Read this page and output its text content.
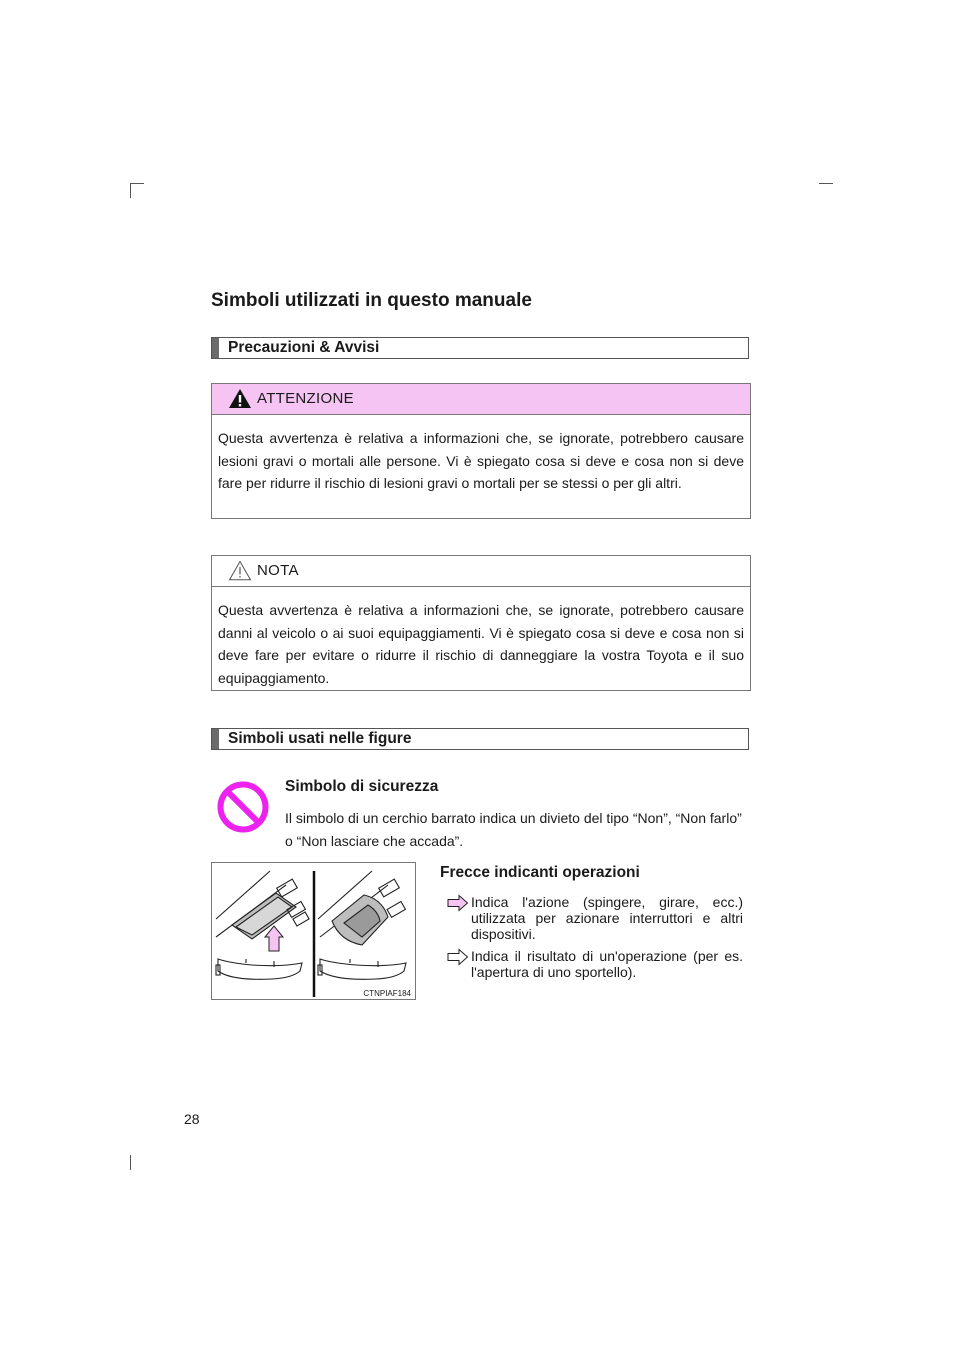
Simboli utilizzati in questo manuale
Precauzioni & Avvisi
ATTENZIONE
Questa avvertenza è relativa a informazioni che, se ignorate, potrebbero causare lesioni gravi o mortali alle persone. Vi è spiegato cosa si deve e cosa non si deve fare per ridurre il rischio di lesioni gravi o mortali per se stessi o per gli altri.
NOTA
Questa avvertenza è relativa a informazioni che, se ignorate, potrebbero causare danni al veicolo o ai suoi equipaggiamenti. Vi è spiegato cosa si deve e cosa non si deve fare per evitare o ridurre il rischio di danneggiare la vostra Toyota e il suo equipaggiamento.
Simboli usati nelle figure
Simbolo di sicurezza
Il simbolo di un cerchio barrato indica un divieto del tipo “Non”, “Non farlo” o “Non lasciare che accada”.
CTNPIAF184
Frecce indicanti operazioni
Indica l'azione (spingere, girare, ecc.) utilizzata per azionare interruttori e altri dispositivi.
Indica il risultato di un'operazione (per es. l'apertura di uno sportello).
28
